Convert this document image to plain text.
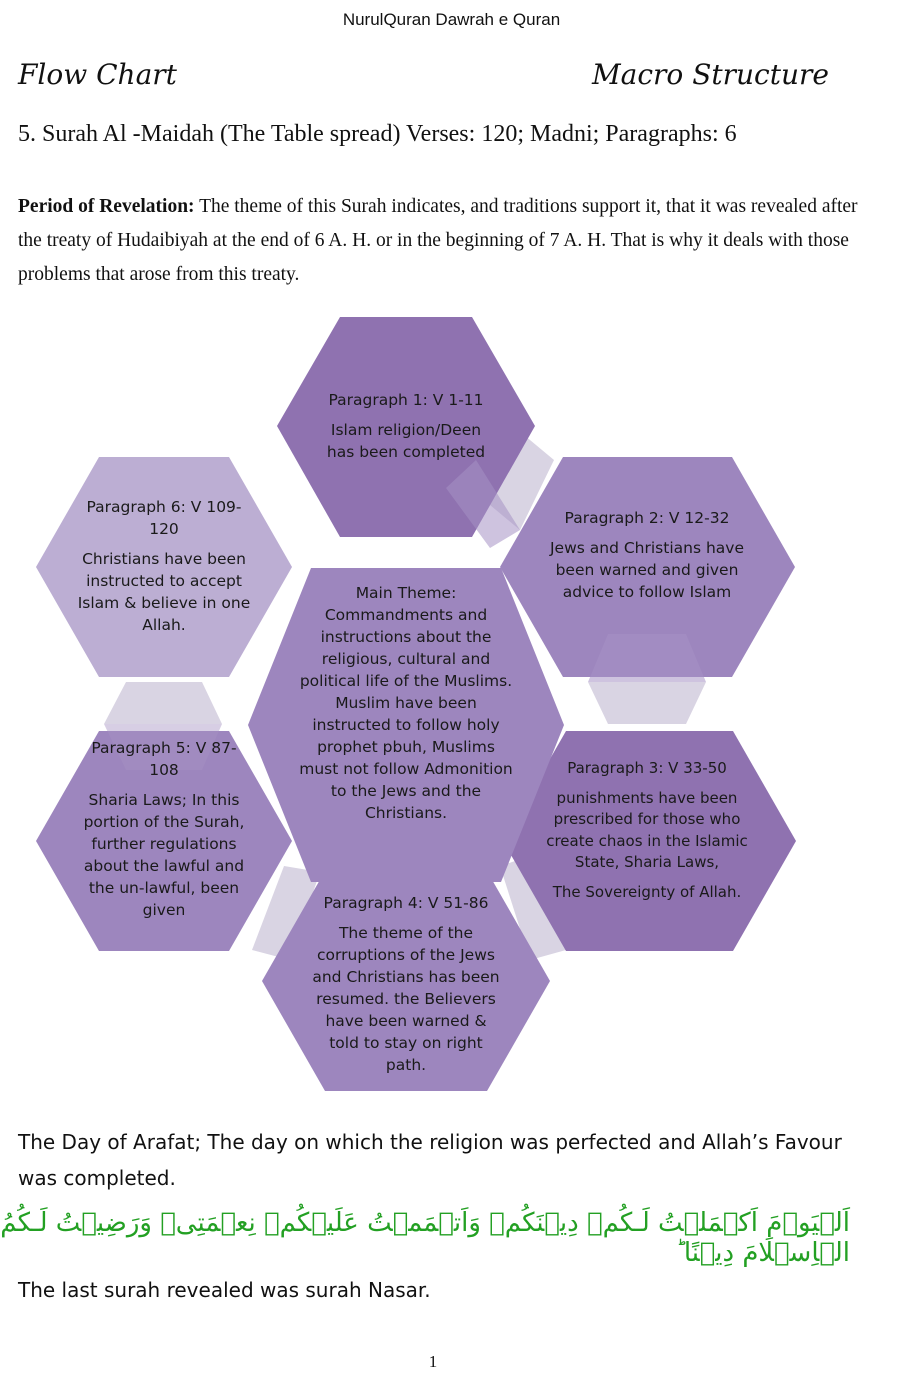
NurulQuran Dawrah e Quran
Flow Chart	Macro Structure
5. Surah Al -Maidah (The Table spread) Verses: 120; Madni; Paragraphs: 6
Period of Revelation: The theme of this Surah indicates, and traditions support it, that it was revealed after the treaty of Hudaibiyah at the end of 6 A. H. or in the beginning of 7 A. H. That is why it deals with those problems that arose from this treaty.

Paragraph 1: V 1-11

Islam religion/Deen has been completed

Paragraph 2: V 12-32

Jews and Christians have been warned and given advice to follow Islam

Paragraph 3: V 33-50

punishments have been prescribed for those who create chaos in the Islamic State, Sharia Laws,

The Sovereignty of Allah.

Paragraph 4: V 51-86

The theme of the corruptions of the Jews and Christians has been resumed. the Believers have been warned & told to stay on right path.

Paragraph 5: V 87-108

Sharia Laws; In this portion of the Surah, further regulations about the lawful and the un-lawful, been given

Paragraph 6: V 109-120

Christians have been instructed to accept Islam & believe in one Allah.
Main Theme:
Commandments and instructions about the religious, cultural and political life of the Muslims. Muslim have been instructed to follow holy prophet pbuh, Muslims must not follow Admonition to the Jews and the Christians.
The Day of Arafat; The day on which the religion was perfected and Allah’s Favour was completed.
اَلۡيَوۡمَ اَكۡمَلۡتُ لَـكُمۡ دِيۡنَكُمۡ وَاَتۡمَمۡتُ عَلَيۡكُمۡ نِعۡمَتِىۡ وَرَضِيۡتُ لَـكُمُ الۡاِسۡلَامَ دِيۡنًا ؕ
The last surah revealed was surah Nasar.
1
